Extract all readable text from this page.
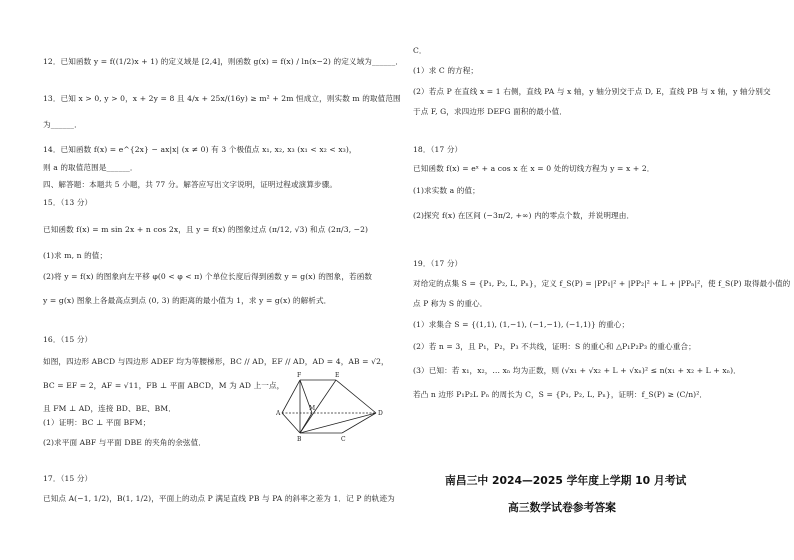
12．已知函数 y = f((1/2)x + 1) 的定义域是 [2,4]，则函数 g(x) = f(x) / ln(x−2) 的定义域为______．
13．已知 x > 0, y > 0，x + 2y = 8 且 4/x + 25x/(16y) ≥ m² + 2m 恒成立，则实数 m 的取值范围
为______．
14．已知函数 f(x) = e^{2x} − ax|x| (x ≠ 0) 有 3 个极值点 x₁, x₂, x₃ (x₁ < x₂ < x₃)，
则 a 的取值范围是______．
四、解答题：本题共 5 小题，共 77 分。解答应写出文字说明，证明过程或演算步骤。
15．（13 分）
已知函数 f(x) = m sin 2x + n cos 2x，且 y = f(x) 的图象过点 (π/12, √3) 和点 (2π/3, −2)
(1)求 m, n 的值；
(2)将 y = f(x) 的图象向左平移 φ(0 < φ < π) 个单位长度后得到函数 y = g(x) 的图象，若函数
y = g(x) 图象上各最高点到点 (0, 3) 的距离的最小值为 1，求 y = g(x) 的解析式．
16．（15 分）
如图，四边形 ABCD 与四边形 ADEF 均为等腰梯形，BC // AD，EF // AD，AD = 4，AB = √2，
BC = EF = 2，AF = √11，FB ⊥ 平面 ABCD，M 为 AD 上一点，
且 FM ⊥ AD，连接 BD、BE、BM．
(1）证明：BC ⊥ 平面 BFM；
(2)求平面 ABF 与平面 DBE 的夹角的余弦值．
17．（15 分）
已知点 A(−1, 1/2)，B(1, 1/2)，平面上的动点 P 满足直线 PB 与 PA 的斜率之差为 1．记 P 的轨迹为
F	E
A
M
D
B	C
C．
(1）求 C 的方程；
(2）若点 P 在直线 x = 1 右侧，直线 PA 与 x 轴，y 轴分别交于点 D, E，直线 PB 与 x 轴，y 轴分别交
于点 F, G，求四边形 DEFG 面积的最小值．
18．（17 分）
已知函数 f(x) = eˣ + a cos x 在 x = 0 处的切线方程为 y = x + 2．
(1)求实数 a 的值；
(2)探究 f(x) 在区间 (−3π/2, +∞) 内的零点个数，并说明理由．
19．（17 分）
对给定的点集 S = {P₁, P₂, L, Pₙ}，定义 f_S(P) = |PP₁|² + |PP₂|² + L + |PPₙ|²，使 f_S(P) 取得最小值的
点 P 称为 S 的重心．
(1）求集合 S = {(1,1), (1,−1), (−1,−1), (−1,1)} 的重心；
(2）若 n = 3，且 P₁，P₂，P₃ 不共线，证明：S 的重心和 △P₁P₂P₃ 的重心重合；
(3）已知：若 x₁，x₂，… xₙ 均为正数，则 (√x₁ + √x₂ + L + √xₙ)² ≤ n(x₁ + x₂ + L + xₙ)．
若凸 n 边形 P₁P₂L Pₙ 的周长为 C，S = {P₁, P₂, L, Pₙ}，证明：f_S(P) ≥ (C/n)²．
南昌三中 2024—2025 学年度上学期 10 月考试
高三数学试卷参考答案
